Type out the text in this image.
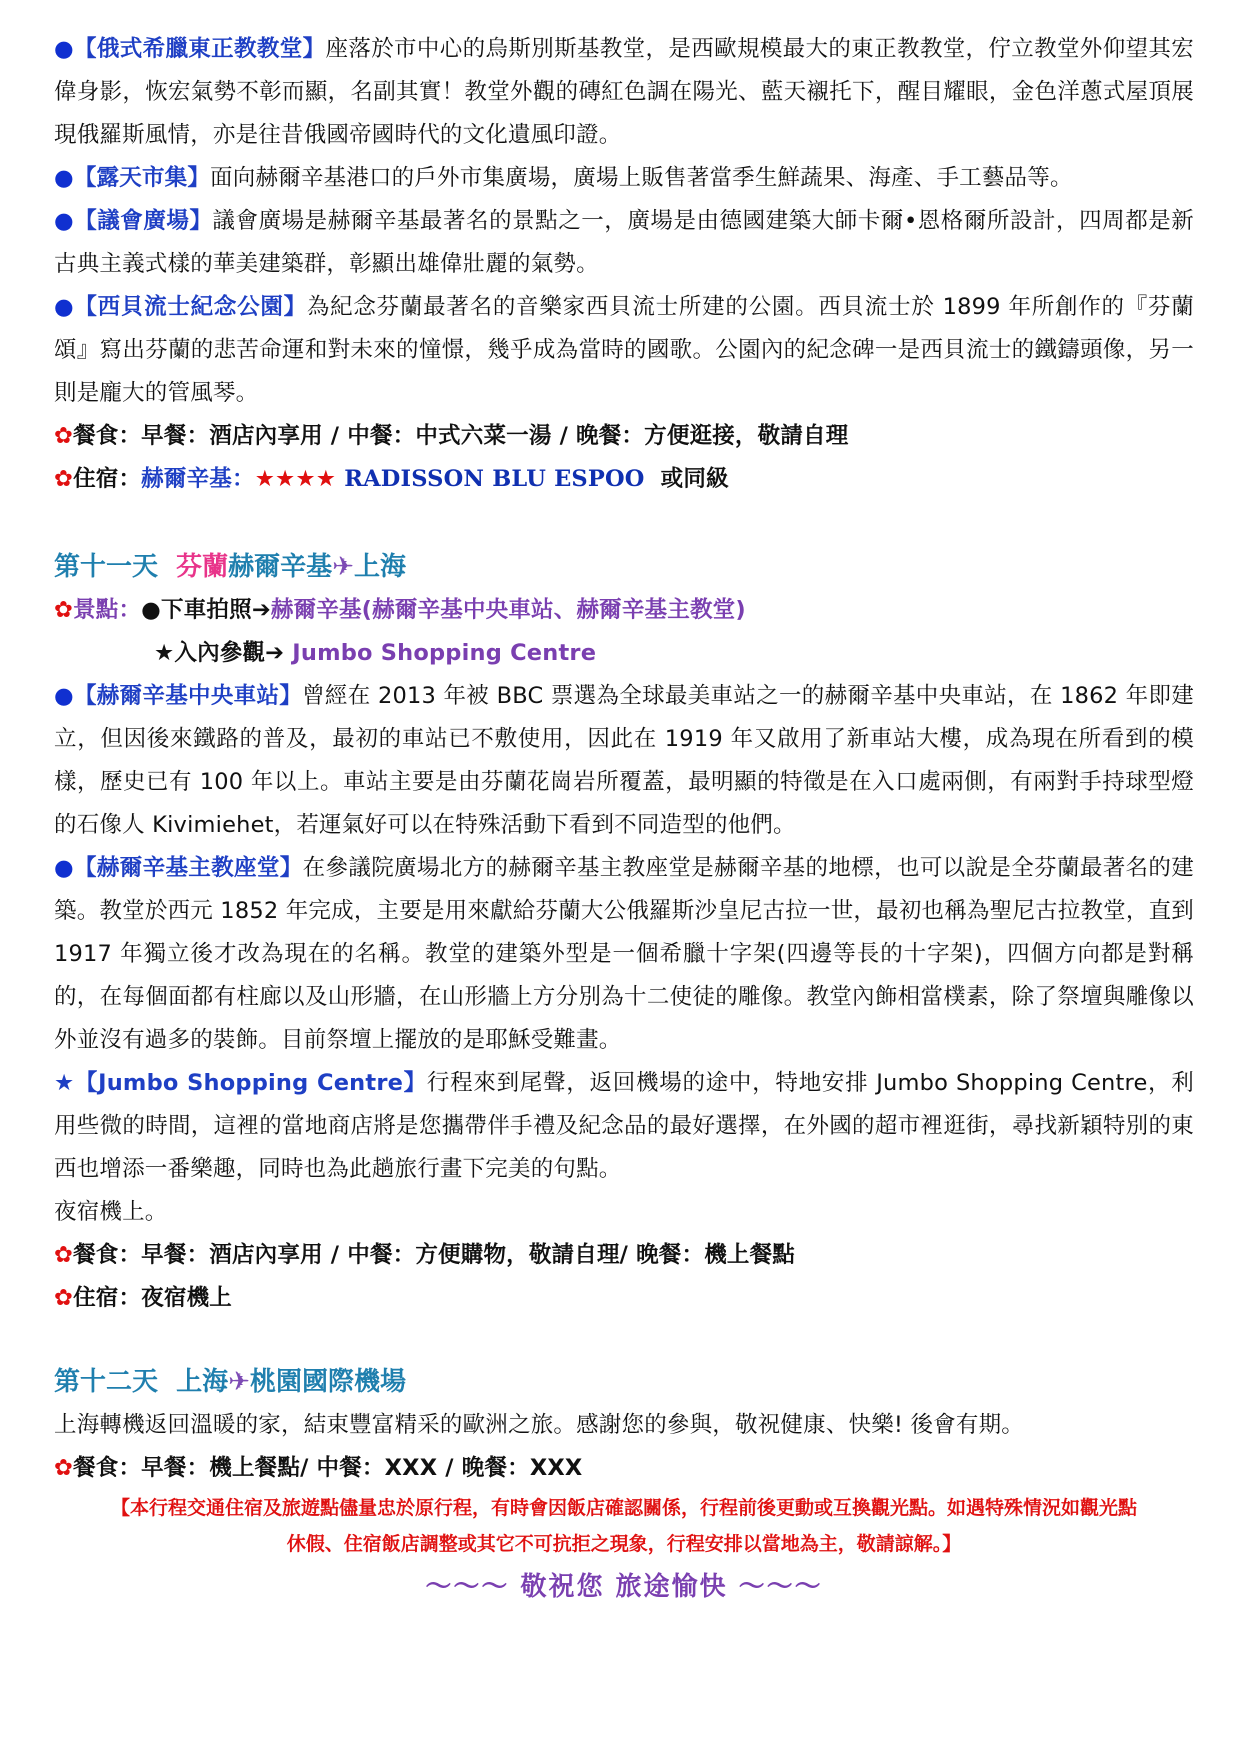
●【俄式希臘東正教教堂】座落於市中心的烏斯別斯基教堂，是西歐規模最大的東正教教堂，佇立教堂外仰望其宏偉身影，恢宏氣勢不彰而顯，名副其實！教堂外觀的磚紅色調在陽光、藍天襯托下，醒目耀眼，金色洋蔥式屋頂展現俄羅斯風情，亦是往昔俄國帝國時代的文化遺風印證。

●【露天市集】面向赫爾辛基港口的戶外市集廣場，廣場上販售著當季生鮮蔬果、海產、手工藝品等。

●【議會廣場】議會廣場是赫爾辛基最著名的景點之一，廣場是由德國建築大師卡爾•恩格爾所設計，四周都是新古典主義式樣的華美建築群，彰顯出雄偉壯麗的氣勢。

●【西貝流士紀念公園】為紀念芬蘭最著名的音樂家西貝流士所建的公園。西貝流士於 1899 年所創作的『芬蘭頌』寫出芬蘭的悲苦命運和對未來的憧憬，幾乎成為當時的國歌。公園內的紀念碑一是西貝流士的鐵鑄頭像，另一則是龐大的管風琴。

✿餐食：早餐：酒店內享用 / 中餐：中式六菜一湯 / 晚餐：方便逛接，敬請自理

✿住宿：赫爾辛基：★★★★ RADISSON BLU ESPOO 或同級

第十一天 芬蘭赫爾辛基✈上海

✿景點：●下車拍照➔赫爾辛基(赫爾辛基中央車站、赫爾辛基主教堂)

★入內參觀➔ Jumbo Shopping Centre

●【赫爾辛基中央車站】曾經在 2013 年被 BBC 票選為全球最美車站之一的赫爾辛基中央車站，在 1862 年即建立，但因後來鐵路的普及，最初的車站已不敷使用，因此在 1919 年又啟用了新車站大樓，成為現在所看到的模樣，歷史已有 100 年以上。車站主要是由芬蘭花崗岩所覆蓋，最明顯的特徵是在入口處兩側，有兩對手持球型燈的石像人 Kivimiehet，若運氣好可以在特殊活動下看到不同造型的他們。

●【赫爾辛基主教座堂】在參議院廣場北方的赫爾辛基主教座堂是赫爾辛基的地標，也可以說是全芬蘭最著名的建築。教堂於西元 1852 年完成，主要是用來獻給芬蘭大公俄羅斯沙皇尼古拉一世，最初也稱為聖尼古拉教堂，直到 1917 年獨立後才改為現在的名稱。教堂的建築外型是一個希臘十字架(四邊等長的十字架)，四個方向都是對稱的，在每個面都有柱廊以及山形牆，在山形牆上方分別為十二使徒的雕像。教堂內飾相當樸素，除了祭壇與雕像以外並沒有過多的裝飾。目前祭壇上擺放的是耶穌受難畫。

★【Jumbo Shopping Centre】行程來到尾聲，返回機場的途中，特地安排 Jumbo Shopping Centre，利用些微的時間，這裡的當地商店將是您攜帶伴手禮及紀念品的最好選擇，在外國的超市裡逛街，尋找新穎特別的東西也增添一番樂趣，同時也為此趟旅行畫下完美的句點。

夜宿機上。

✿餐食：早餐：酒店內享用 / 中餐：方便購物，敬請自理/ 晚餐：機上餐點

✿住宿：夜宿機上

第十二天 上海✈桃園國際機場

上海轉機返回溫暖的家，結束豐富精采的歐洲之旅。感謝您的參與，敬祝健康、快樂! 後會有期。

✿餐食：早餐：機上餐點/ 中餐：XXX / 晚餐：XXX

【本行程交通住宿及旅遊點儘量忠於原行程，有時會因飯店確認關係，行程前後更動或互換觀光點。如遇特殊情況如觀光點

休假、住宿飯店調整或其它不可抗拒之現象，行程安排以當地為主，敬請諒解。】

～～～ 敬祝您 旅途愉快 ～～～
